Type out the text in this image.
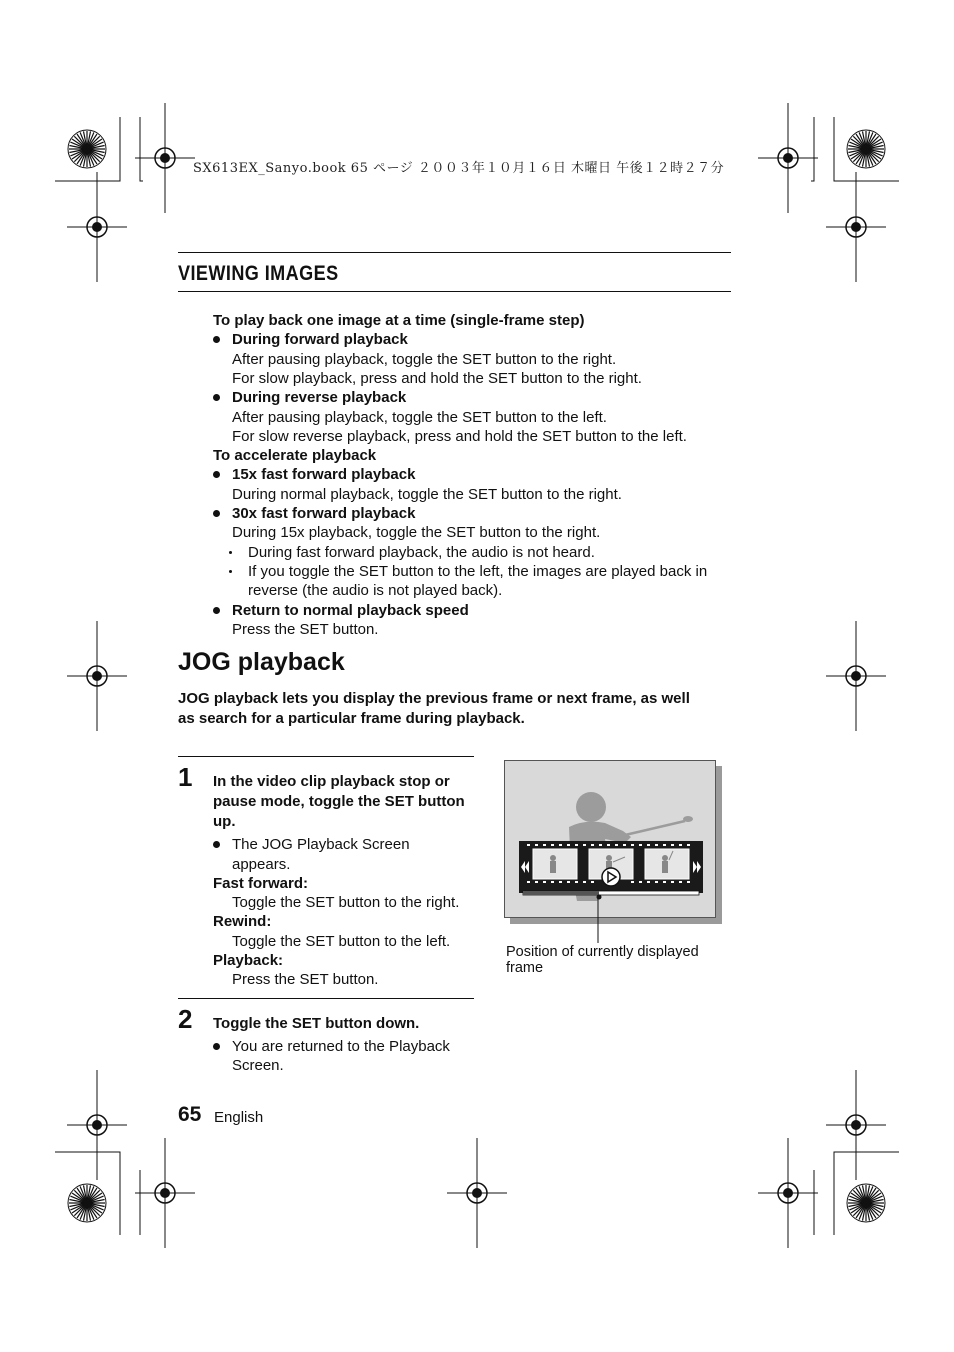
SX613EX_Sanyo.book 65 ページ ２００３年１０月１６日 木曜日 午後１２時２７分
VIEWING IMAGES
To play back one image at a time (single-frame step)
During forward playback
After pausing playback, toggle the SET button to the right.
For slow playback, press and hold the SET button to the right.
During reverse playback
After pausing playback, toggle the SET button to the left.
For slow reverse playback, press and hold the SET button to the left.
To accelerate playback
15x fast forward playback
During normal playback, toggle the SET button to the right.
30x fast forward playback
During 15x playback, toggle the SET button to the right.
During fast forward playback, the audio is not heard.
If you toggle the SET button to the left, the images are played back in
reverse (the audio is not played back).
Return to normal playback speed
Press the SET button.
JOG playback
JOG playback lets you display the previous frame or next frame, as well
as search for a particular frame during playback.
1 In the video clip playback stop or
pause mode, toggle the SET button
up.
The JOG Playback Screen
appears.
Fast forward:
Toggle the SET button to the right.
Rewind:
Toggle the SET button to the left.
Playback:
Press the SET button.
2 Toggle the SET button down.
You are returned to the Playback
Screen.
Position of currently displayed
frame
65 English
